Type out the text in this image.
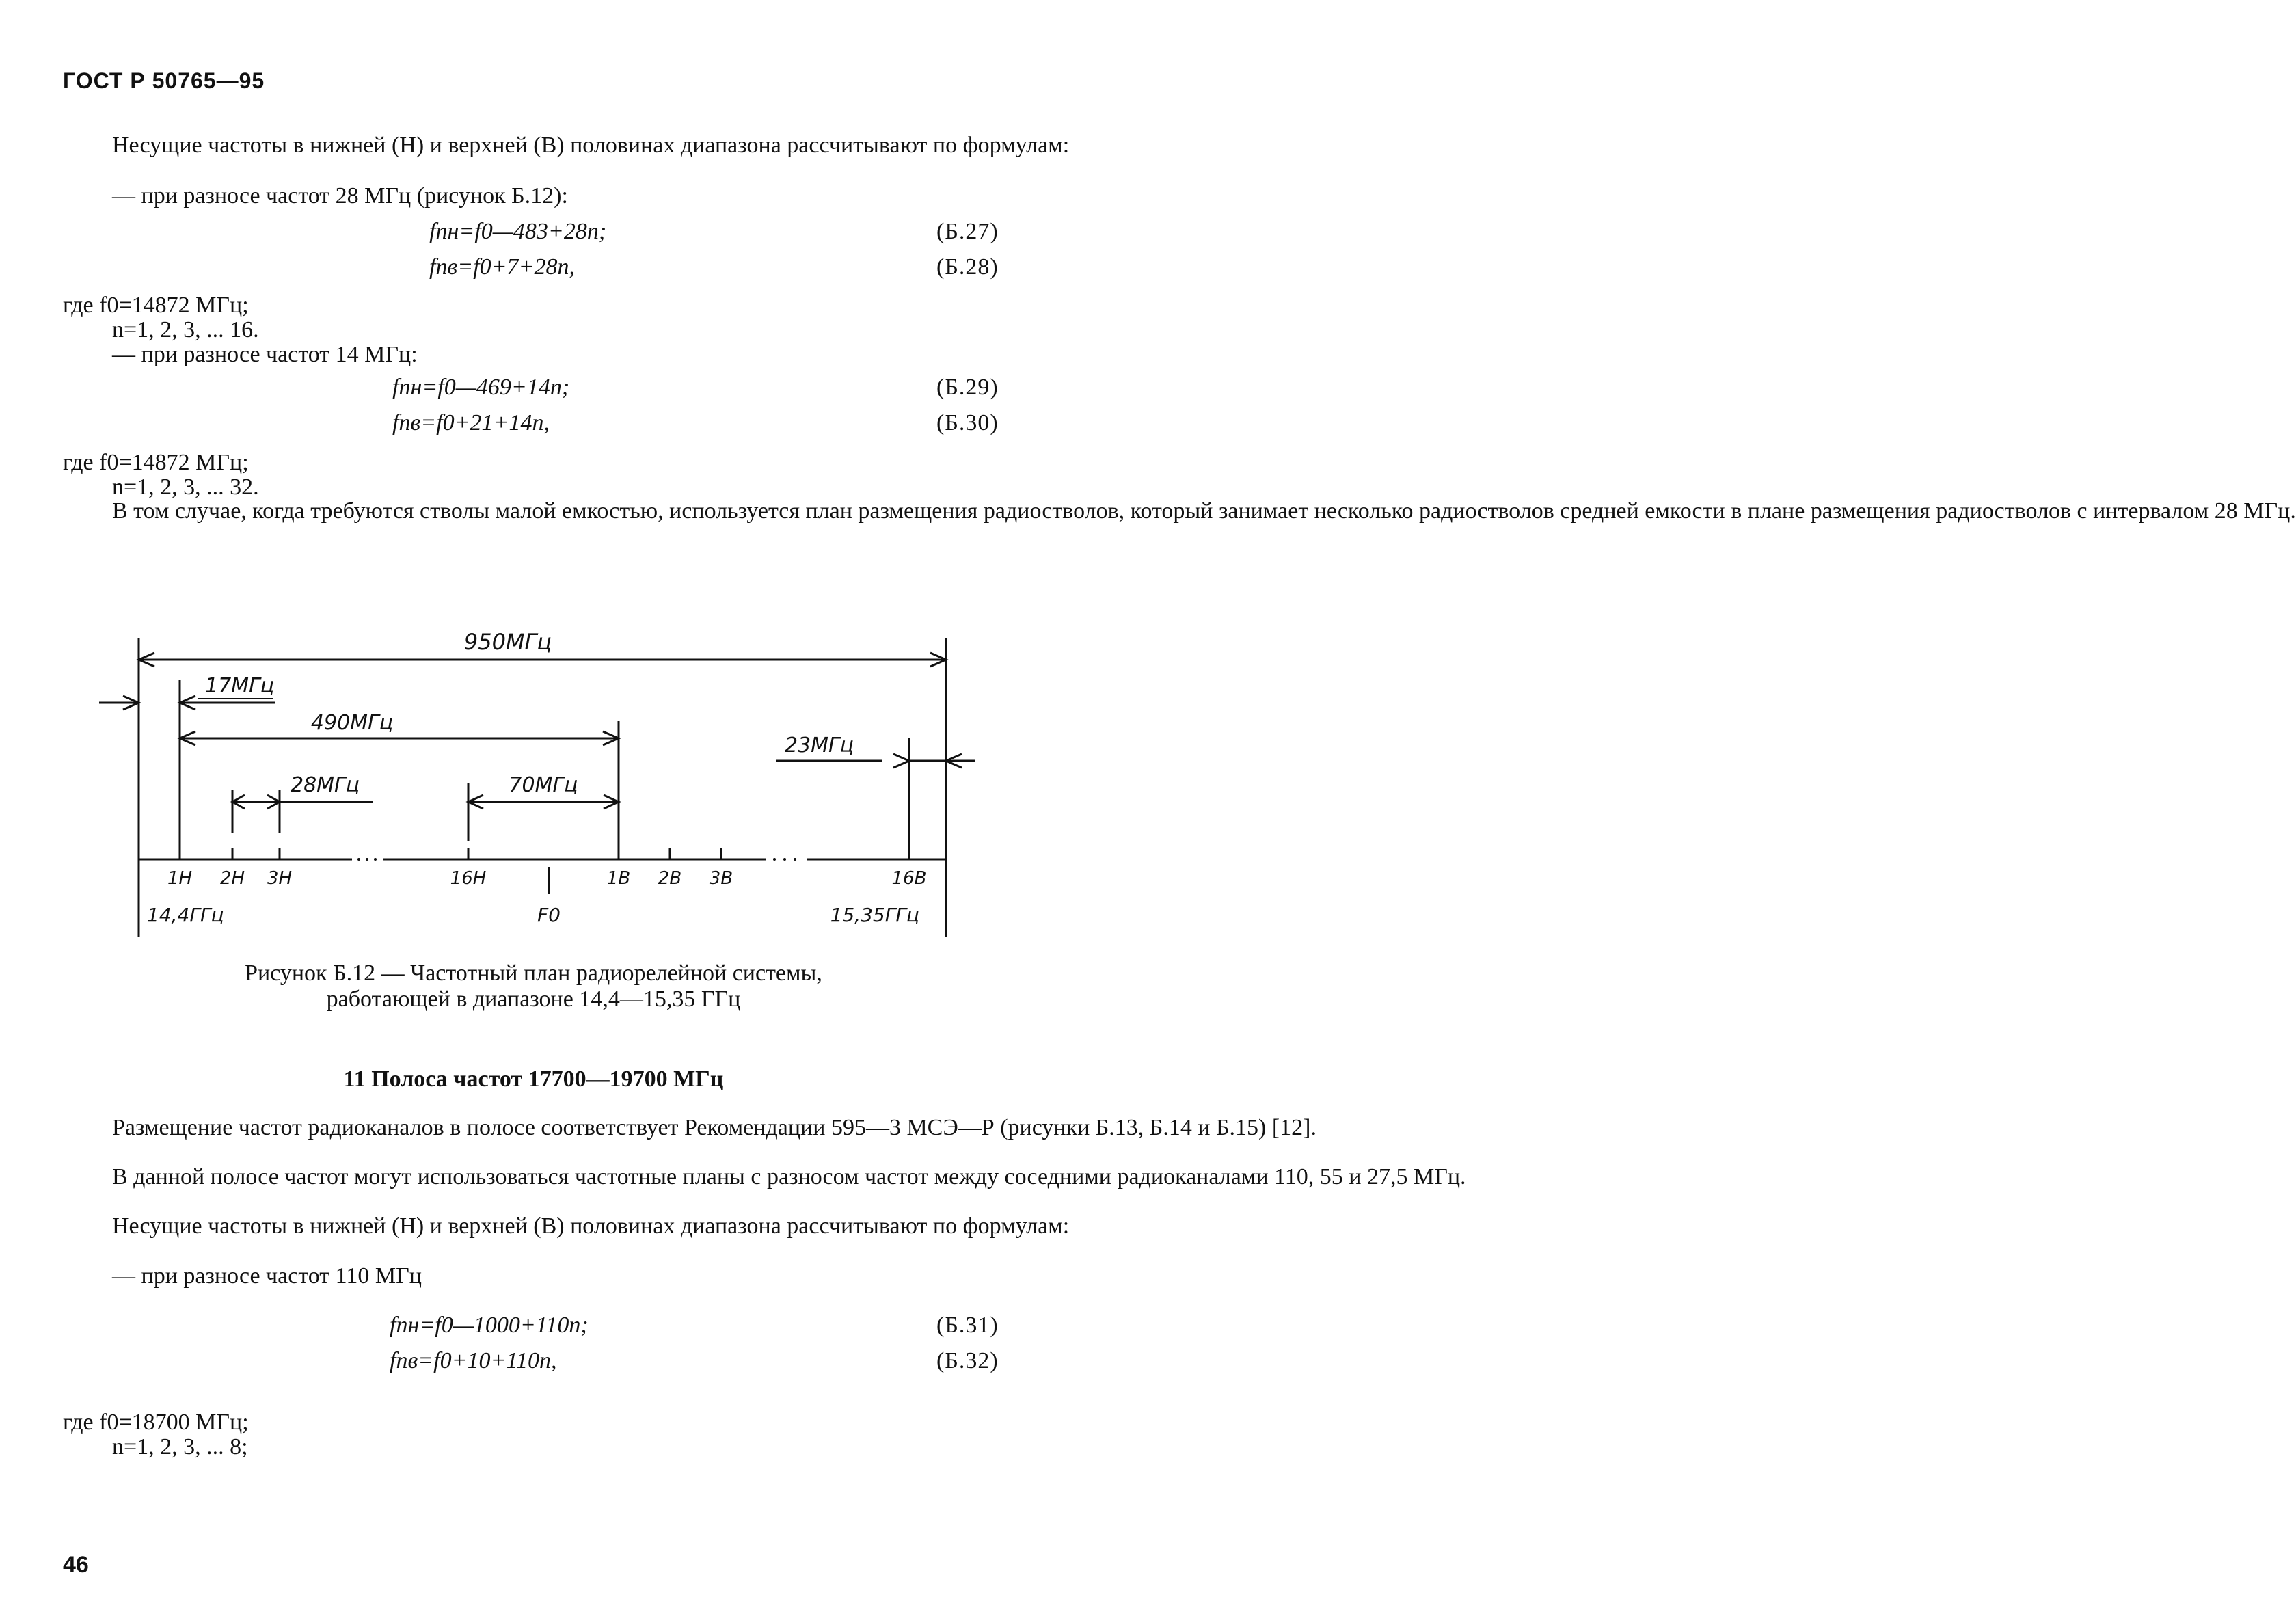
ГОСТ Р 50765—95
Несущие частоты в нижней (Н) и верхней (В) половинах диапазона рассчитывают по формулам:
— при разносе частот 28 МГц (рисунок Б.12):
fпн=f0—483+28n;	(Б.27)
fпв=f0+7+28n,	(Б.28)
где f0=14872 МГц;
n=1, 2, 3, ... 16.
— при разносе частот 14 МГц:
fпн=f0—469+14n;	(Б.29)
fпв=f0+21+14n,	(Б.30)
где f0=14872 МГц;
n=1, 2, 3, ... 32.
В том случае, когда требуются стволы малой емкостью, используется план размещения радиостволов, который занимает несколько радиостволов средней емкости в плане размещения радиостволов с интервалом 28 МГц.
950МГц
17МГц
490МГц
23МГц
28МГц	70МГц
1Н 2Н 3Н	16Н	1В 2В 3В	16В
14,4ГГц	F0	15,35ГГц
Рисунок Б.12 — Частотный план радиорелейной системы,
работающей в диапазоне 14,4—15,35 ГГц
11 Полоса частот 17700—19700 МГц
Размещение частот радиоканалов в полосе соответствует Рекомендации 595—3 МСЭ—Р (рисунки Б.13, Б.14 и Б.15) [12].
В данной полосе частот могут использоваться частотные планы с разносом частот между соседними радиоканалами 110, 55 и 27,5 МГц.
Несущие частоты в нижней (Н) и верхней (В) половинах диапазона рассчитывают по формулам:
— при разносе частот 110 МГц
fпн=f0—1000+110n;	(Б.31)
fпв=f0+10+110n,	(Б.32)
где f0=18700 МГц;
n=1, 2, 3, ... 8;
46
